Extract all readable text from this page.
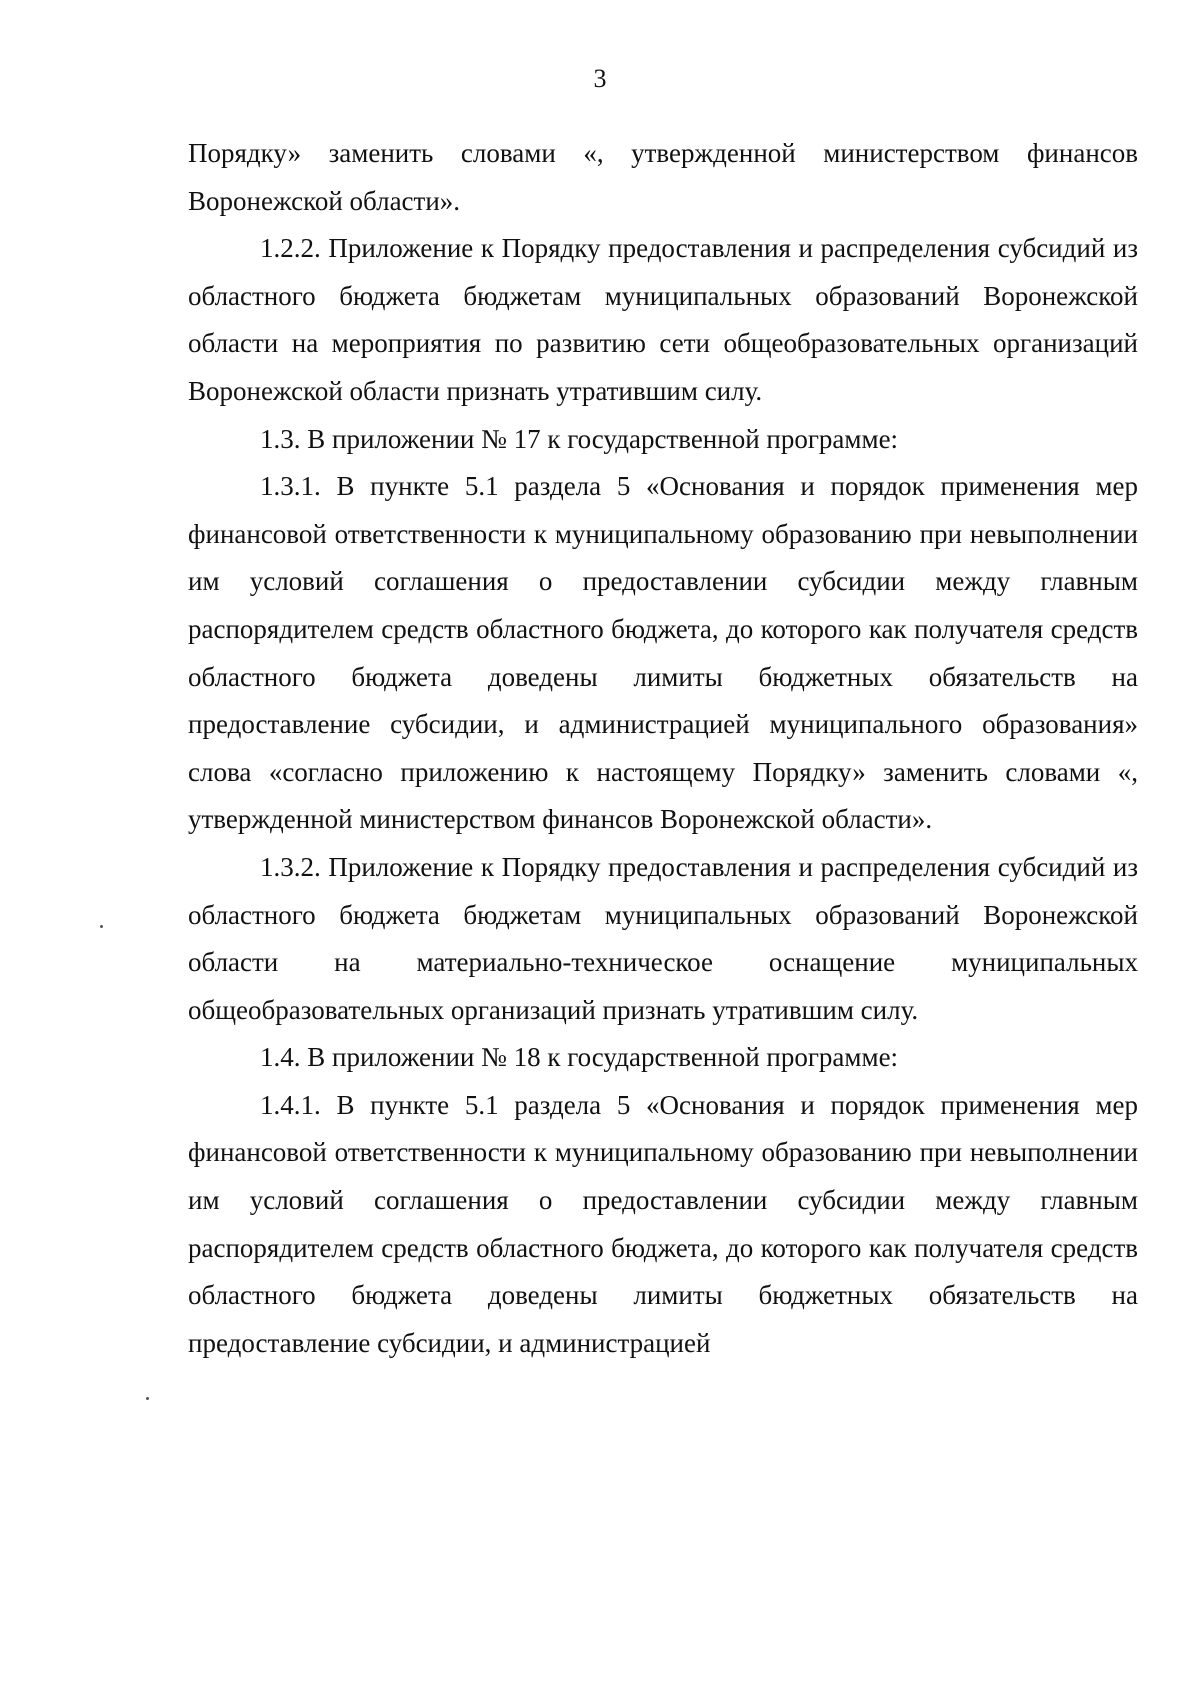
3

Порядку» заменить словами «, утвержденной министерством финансов Воронежской области».

1.2.2. Приложение к Порядку предоставления и распределения субсидий из областного бюджета бюджетам муниципальных образований Воронежской области на мероприятия по развитию сети общеобразовательных организаций Воронежской области признать утратившим силу.

1.3. В приложении № 17 к государственной программе:

1.3.1. В пункте 5.1 раздела 5 «Основания и порядок применения мер финансовой ответственности к муниципальному образованию при невыполнении им условий соглашения о предоставлении субсидии между главным распорядителем средств областного бюджета, до которого как получателя средств областного бюджета доведены лимиты бюджетных обязательств на предоставление субсидии, и администрацией муниципального образования» слова «согласно приложению к настоящему Порядку» заменить словами «, утвержденной министерством финансов Воронежской области».

1.3.2. Приложение к Порядку предоставления и распределения субсидий из областного бюджета бюджетам муниципальных образований Воронежской области на материально-техническое оснащение муниципальных общеобразовательных организаций признать утратившим силу.

1.4. В приложении № 18 к государственной программе:

1.4.1. В пункте 5.1 раздела 5 «Основания и порядок применения мер финансовой ответственности к муниципальному образованию при невыполнении им условий соглашения о предоставлении субсидии между главным распорядителем средств областного бюджета, до которого как получателя средств областного бюджета доведены лимиты бюджетных обязательств на предоставление субсидии, и администрацией
